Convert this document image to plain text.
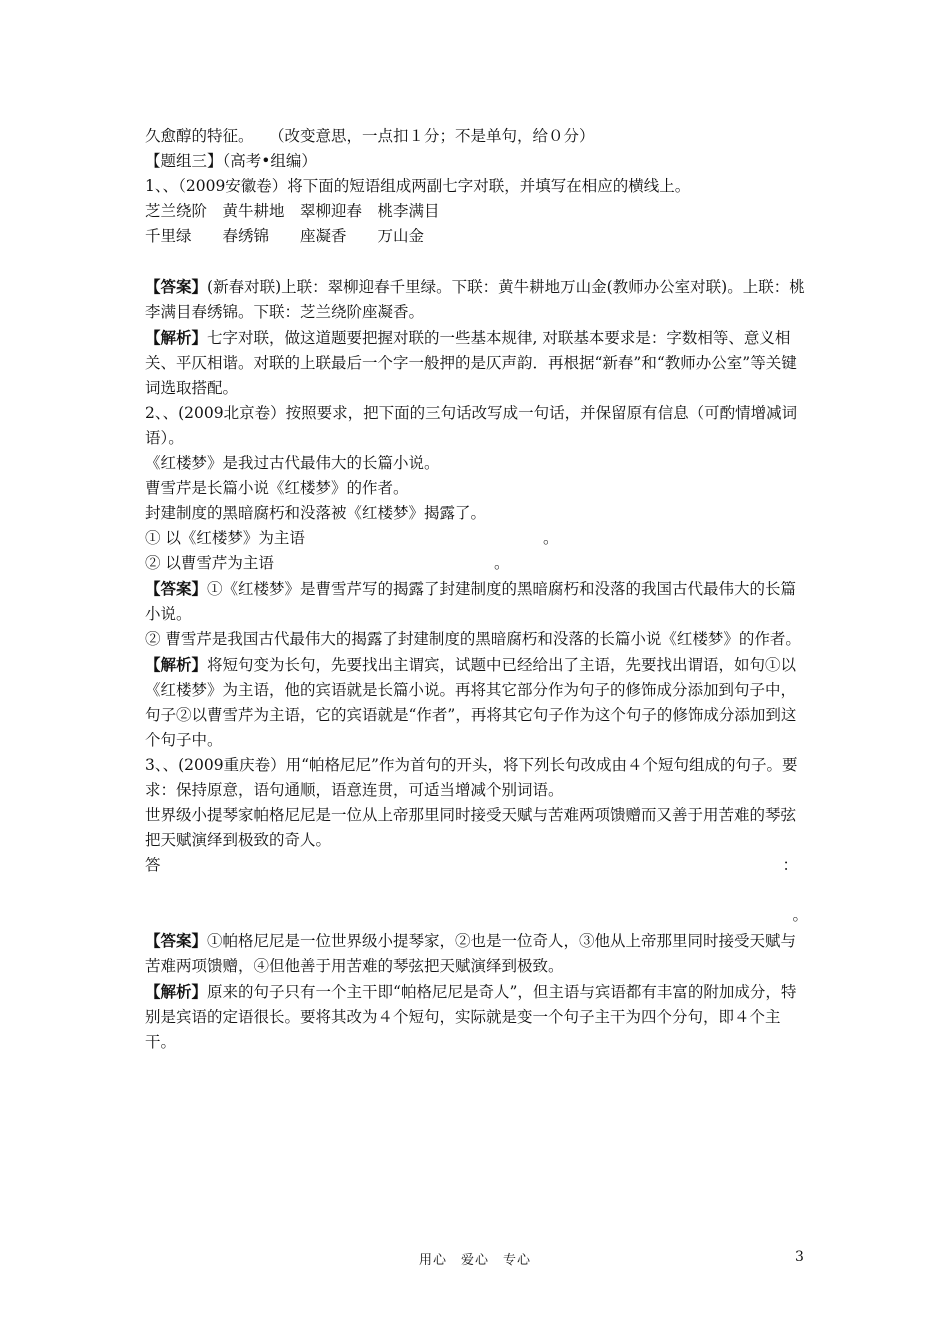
久愈醇的特征。　　（改变意思，一点扣１分；不是单句，给０分）

【题组三】（高考•组编）

1、、（2009安徽卷）将下面的短语组成两副七字对联，并填写在相应的横线上。

芝兰绕阶　黄牛耕地　翠柳迎春　桃李满目

千里绿　　春绣锦　　座凝香　　万山金

【答案】(新春对联)上联：翠柳迎春千里绿。下联：黄牛耕地万山金(教师办公室对联)。上联：桃李满目春绣锦。下联：芝兰绕阶座凝香。

【解析】七字对联，做这道题要把握对联的一些基本规律, 对联基本要求是：字数相等、意义相关、平仄相谐。对联的上联最后一个字一般押的是仄声韵．再根据“新春”和“教师办公室”等关键词选取搭配。

2、、(2009北京卷）按照要求，把下面的三句话改写成一句话，并保留原有信息（可酌情增减词语）。

《红楼梦》是我过古代最伟大的长篇小说。

曹雪芹是长篇小说《红楼梦》的作者。

封建制度的黑暗腐朽和没落被《红楼梦》揭露了。

① 以《红楼梦》为主语	。

② 以曹雪芹为主语	。

【答案】①《红楼梦》是曹雪芹写的揭露了封建制度的黑暗腐朽和没落的我国古代最伟大的长篇小说。

② 曹雪芹是我国古代最伟大的揭露了封建制度的黑暗腐朽和没落的长篇小说《红楼梦》的作者。

【解析】将短句变为长句，先要找出主谓宾，试题中已经给出了主语，先要找出谓语，如句①以《红楼梦》为主语，他的宾语就是长篇小说。再将其它部分作为句子的修饰成分添加到句子中，句子②以曹雪芹为主语，它的宾语就是“作者”，再将其它句子作为这个句子的修饰成分添加到这个句子中。

3、、(2009重庆卷）用“帕格尼尼”作为首句的开头，将下列长句改成由４个短句组成的句子。要求：保持原意，语句通顺，语意连贯，可适当增减个别词语。

世界级小提琴家帕格尼尼是一位从上帝那里同时接受天赋与苦难两项馈赠而又善于用苦难的琴弦把天赋演绎到极致的奇人。

答	：

。

【答案】①帕格尼尼是一位世界级小提琴家，②也是一位奇人，③他从上帝那里同时接受天赋与苦难两项馈赠，④但他善于用苦难的琴弦把天赋演绎到极致。

【解析】原来的句子只有一个主干即“帕格尼尼是奇人”，但主语与宾语都有丰富的附加成分，特别是宾语的定语很长。要将其改为４个短句，实际就是变一个句子主干为四个分句，即４个主干。

用心　爱心　专心	3
